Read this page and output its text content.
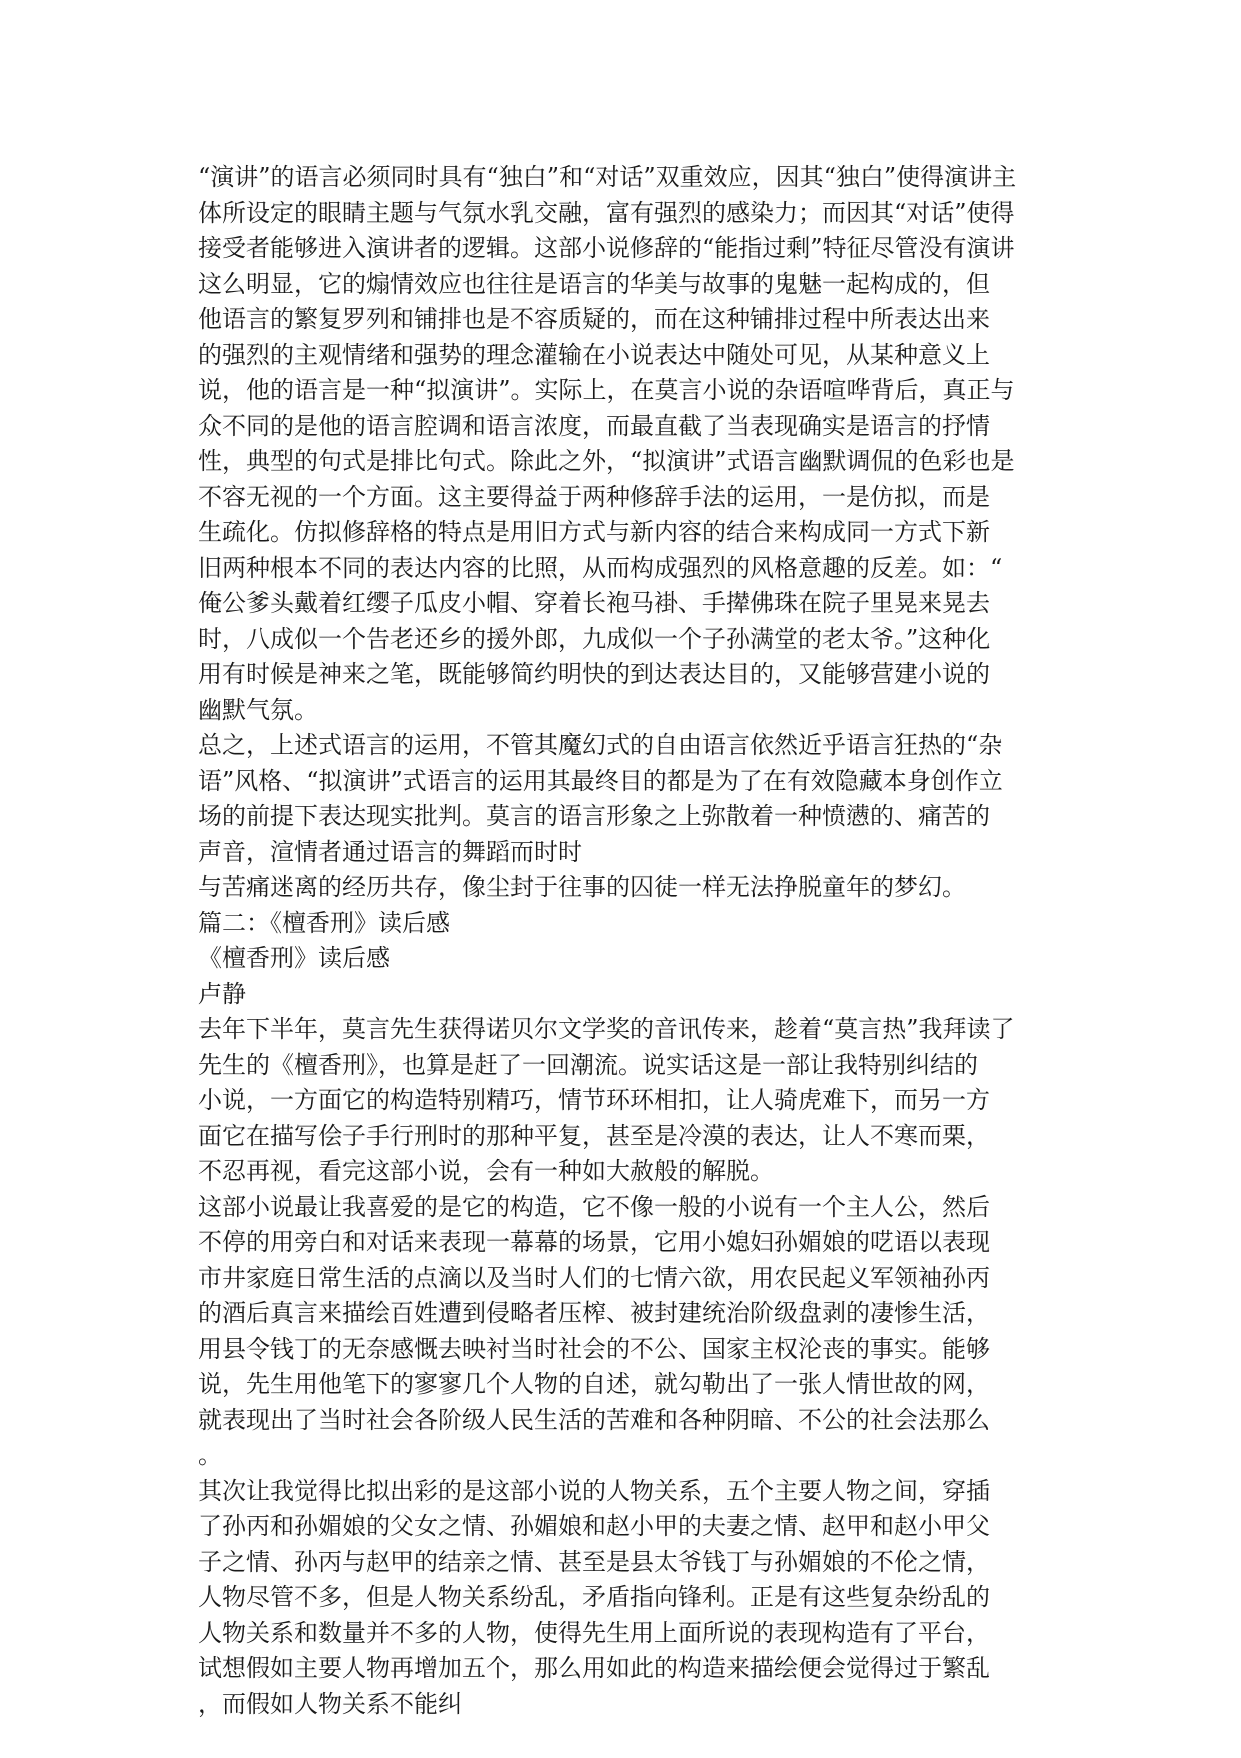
“演讲”的语言必须同时具有“独白”和“对话”双重效应，因其“独白”使得演讲主
体所设定的眼睛主题与气氛水乳交融，富有强烈的感染力；而因其“对话”使得
接受者能够进入演讲者的逻辑。这部小说修辞的“能指过剩”特征尽管没有演讲
这么明显，它的煽情效应也往往是语言的华美与故事的鬼魅一起构成的，但
他语言的繁复罗列和铺排也是不容质疑的，而在这种铺排过程中所表达出来
的强烈的主观情绪和强势的理念灌输在小说表达中随处可见，从某种意义上
说，他的语言是一种“拟演讲”。实际上，在莫言小说的杂语喧哗背后，真正与
众不同的是他的语言腔调和语言浓度，而最直截了当表现确实是语言的抒情
性，典型的句式是排比句式。除此之外，“拟演讲”式语言幽默调侃的色彩也是
不容无视的一个方面。这主要得益于两种修辞手法的运用，一是仿拟，而是
生疏化。仿拟修辞格的特点是用旧方式与新内容的结合来构成同一方式下新
旧两种根本不同的表达内容的比照，从而构成强烈的风格意趣的反差。如：“
俺公爹头戴着红缨子瓜皮小帽、穿着长袍马褂、手撵佛珠在院子里晃来晃去
时，八成似一个告老还乡的援外郎，九成似一个子孙满堂的老太爷。”这种化
用有时候是神来之笔，既能够简约明快的到达表达目的，又能够营建小说的
幽默气氛。
总之，上述式语言的运用，不管其魔幻式的自由语言依然近乎语言狂热的“杂
语”风格、“拟演讲”式语言的运用其最终目的都是为了在有效隐藏本身创作立
场的前提下表达现实批判。莫言的语言形象之上弥散着一种愤懑的、痛苦的
声音，渲情者通过语言的舞蹈而时时
与苦痛迷离的经历共存，像尘封于往事的囚徒一样无法挣脱童年的梦幻。
篇二：《檀香刑》读后感
《檀香刑》读后感
卢静
去年下半年，莫言先生获得诺贝尔文学奖的音讯传来，趁着“莫言热”我拜读了
先生的《檀香刑》，也算是赶了一回潮流。说实话这是一部让我特别纠结的
小说，一方面它的构造特别精巧，情节环环相扣，让人骑虎难下，而另一方
面它在描写侩子手行刑时的那种平复，甚至是冷漠的表达，让人不寒而栗，
不忍再视，看完这部小说，会有一种如大赦般的解脱。
这部小说最让我喜爱的是它的构造，它不像一般的小说有一个主人公，然后
不停的用旁白和对话来表现一幕幕的场景，它用小媳妇孙媚娘的呓语以表现
市井家庭日常生活的点滴以及当时人们的七情六欲，用农民起义军领袖孙丙
的酒后真言来描绘百姓遭到侵略者压榨、被封建统治阶级盘剥的凄惨生活，
用县令钱丁的无奈感慨去映衬当时社会的不公、国家主权沦丧的事实。能够
说，先生用他笔下的寥寥几个人物的自述，就勾勒出了一张人情世故的网，
就表现出了当时社会各阶级人民生活的苦难和各种阴暗、不公的社会法那么
。
其次让我觉得比拟出彩的是这部小说的人物关系，五个主要人物之间，穿插
了孙丙和孙媚娘的父女之情、孙媚娘和赵小甲的夫妻之情、赵甲和赵小甲父
子之情、孙丙与赵甲的结亲之情、甚至是县太爷钱丁与孙媚娘的不伦之情，
人物尽管不多，但是人物关系纷乱，矛盾指向锋利。正是有这些复杂纷乱的
人物关系和数量并不多的人物，使得先生用上面所说的表现构造有了平台，
试想假如主要人物再增加五个，那么用如此的构造来描绘便会觉得过于繁乱
，而假如人物关系不能纠
